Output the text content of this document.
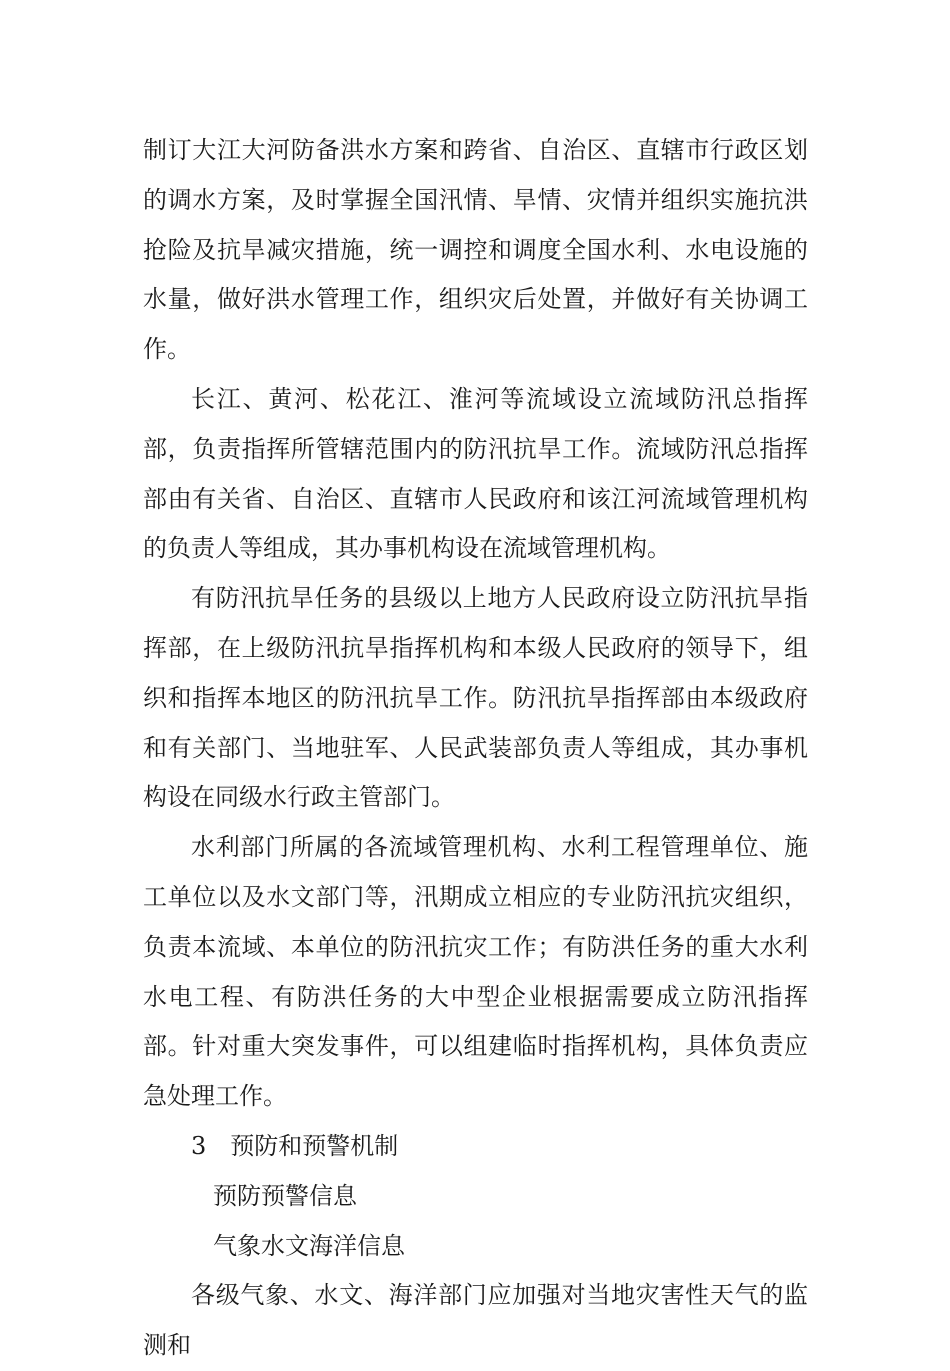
制订大江大河防备洪水方案和跨省、自治区、直辖市行政区划的调水方案，及时掌握全国汛情、旱情、灾情并组织实施抗洪抢险及抗旱减灾措施，统一调控和调度全国水利、水电设施的水量，做好洪水管理工作，组织灾后处置，并做好有关协调工作。

长江、黄河、松花江、淮河等流域设立流域防汛总指挥部，负责指挥所管辖范围内的防汛抗旱工作。流域防汛总指挥部由有关省、自治区、直辖市人民政府和该江河流域管理机构的负责人等组成，其办事机构设在流域管理机构。

有防汛抗旱任务的县级以上地方人民政府设立防汛抗旱指挥部，在上级防汛抗旱指挥机构和本级人民政府的领导下，组织和指挥本地区的防汛抗旱工作。防汛抗旱指挥部由本级政府和有关部门、当地驻军、人民武装部负责人等组成，其办事机构设在同级水行政主管部门。

水利部门所属的各流域管理机构、水利工程管理单位、施工单位以及水文部门等，汛期成立相应的专业防汛抗灾组织，负责本流域、本单位的防汛抗灾工作；有防洪任务的重大水利水电工程、有防洪任务的大中型企业根据需要成立防汛指挥部。针对重大突发事件，可以组建临时指挥机构，具体负责应急处理工作。

3　预防和预警机制

预防预警信息

气象水文海洋信息

各级气象、水文、海洋部门应加强对当地灾害性天气的监测和
